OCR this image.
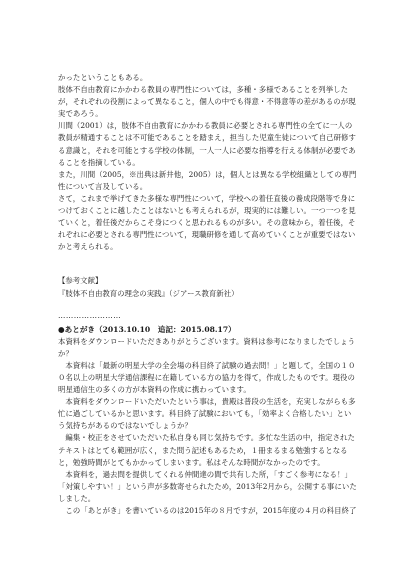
かったということもある。

肢体不自由教育にかかわる教員の専門性については，多種・多様であることを列挙したが，それぞれの役割によって異なること，個人の中でも得意・不得意等の差があるのが現実であろう。

川間（2001）は，肢体不自由教育にかかわる教員に必要とされる専門性の全てに一人の教員が精通することは不可能であることを踏まえ，担当した児童生徒について自己研修する意識と，それを可能とする学校の体制，一人一人に必要な指導を行える体制が必要であることを指摘している。

また，川間（2005，※出典は新井他，2005）は，個人とは異なる学校組織としての専門性について言及している。

さて，これまで挙げてきた多様な専門性について，学校への着任直後の養成段階等で身につけておくことに越したことはないとも考えられるが，現実的には難しい。一つ一つを見ていくと，着任後だからこそ身につくと思われるものが多い。その意味から，着任後，それぞれに必要とされる専門性について，現職研修を通して高めていくことが重要ではないかと考えられる。

【参考文献】
『肢体不自由教育の理念の実践』（ジアース教育新社）
……………………
●あとがき（2013.10.10　追記：2015.08.17）

本資料をダウンロードいただきありがとうございます。資料は参考になりましたでしょうか？

本資料は「最新の明星大学の全会場の科目終了試験の過去問！」と題して，全国の１００名以上の明星大学通信課程に在籍している方の協力を得て，作成したものです。現役の明星通信生の多くの方が本資料の作成に携わっています。

本資料をダウンロードいただいたという事は，貴殿は普段の生活を，充実しながらも多忙に過ごしているかと思います。科目終了試験においても，「効率よく合格したい」という気持ちがあるのではないでしょうか？

編集・校正をさせていただいた私自身も同じ気持ちです。多忙な生活の中，指定されたテキストはとても範囲が広く，また問う記述もあるため，１冊まるまる勉強するとなると，勉強時間がとてもかかってしまいます。私はそんな時間がなかったのです。

本資料を，過去問を提供してくれる仲間達の間で共有した所，「すごく参考になる！」「対策しやすい！」という声が多数寄せられたため，2013年2月から，公開する事にいたしました。

この「あとがき」を書いているのは2015年の８月ですが，2015年度の４月の科目終了
